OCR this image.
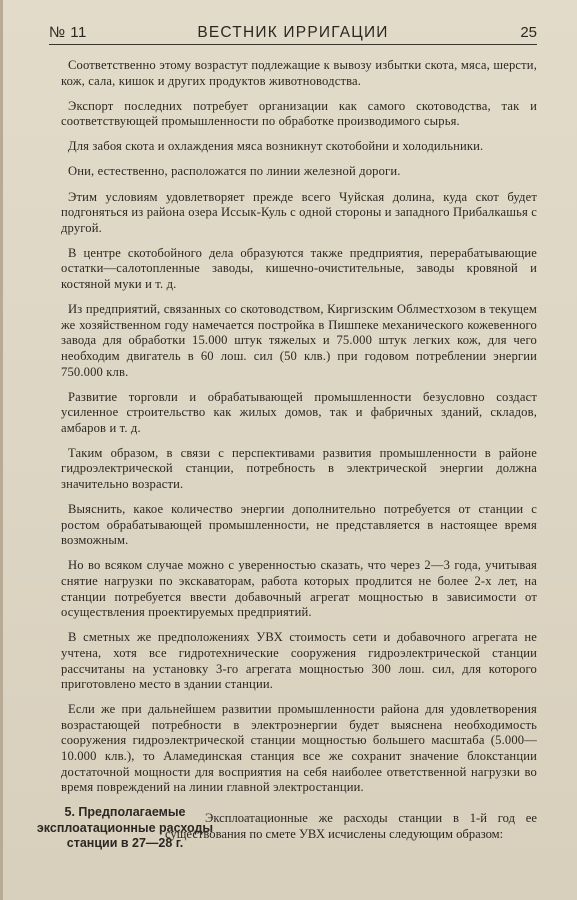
№ 11	ВЕСТНИК ИРРИГАЦИИ	25

Соответственно этому возрастут подлежащие к вывозу избытки скота, мяса, шерсти, кож, сала, кишок и других продуктов животноводства.

Экспорт последних потребует организации как самого скотоводства, так и соответствующей промышленности по обработке производимого сырья.

Для забоя скота и охлаждения мяса возникнут скотобойни и холодильники.

Они, естественно, расположатся по линии железной дороги.

Этим условиям удовлетворяет прежде всего Чуйская долина, куда скот будет подгоняться из района озера Иссык-Куль с одной стороны и западного Прибалкашья с другой.

В центре скотобойного дела образуются также предприятия, перерабатывающие остатки—салотопленные заводы, кишечно-очистительные, заводы кровяной и костяной муки и т. д.

Из предприятий, связанных со скотоводством, Киргизским Облместхозом в текущем же хозяйственном году намечается постройка в Пишпеке механического кожевенного завода для обработки 15.000 штук тяжелых и 75.000 штук легких кож, для чего необходим двигатель в 60 лош. сил (50 клв.) при годовом потреблении энергии 750.000 клв.

Развитие торговли и обрабатывающей промышленности безусловно создаст усиленное строительство как жилых домов, так и фабричных зданий, складов, амбаров и т. д.

Таким образом, в связи с перспективами развития промышленности в районе гидроэлектрической станции, потребность в электрической энергии должна значительно возрасти.

Выяснить, какое количество энергии дополнительно потребуется от станции с ростом обрабатывающей промышленности, не представляется в настоящее время возможным.

Но во всяком случае можно с уверенностью сказать, что через 2—3 года, учитывая снятие нагрузки по экскаваторам, работа которых продлится не более 2-х лет, на станции потребуется ввести добавочный агрегат мощностью в зависимости от осуществления проектируемых предприятий.

В сметных же предположениях УВХ стоимость сети и добавочного агрегата не учтена, хотя все гидротехнические сооружения гидроэлектрической станции рассчитаны на установку 3-го агрегата мощностью 300 лош. сил, для которого приготовлено место в здании станции.

Если же при дальнейшем развитии промышленности района для удовлетворения возрастающей потребности в электроэнергии будет выяснена необходимость сооружения гидроэлектрической станции мощностью большего масштаба (5.000—10.000 клв.), то Аламединская станция все же сохранит значение блокстанции достаточной мощности для восприятия на себя наиболее ответственной нагрузки во время повреждений на линии главной электростанции.

5. Предполагаемые эксплоатационные расходы станции в 27—28 г.
Эксплоатационные же расходы станции в 1-й год ее существования по смете УВХ исчислены следующим образом:
